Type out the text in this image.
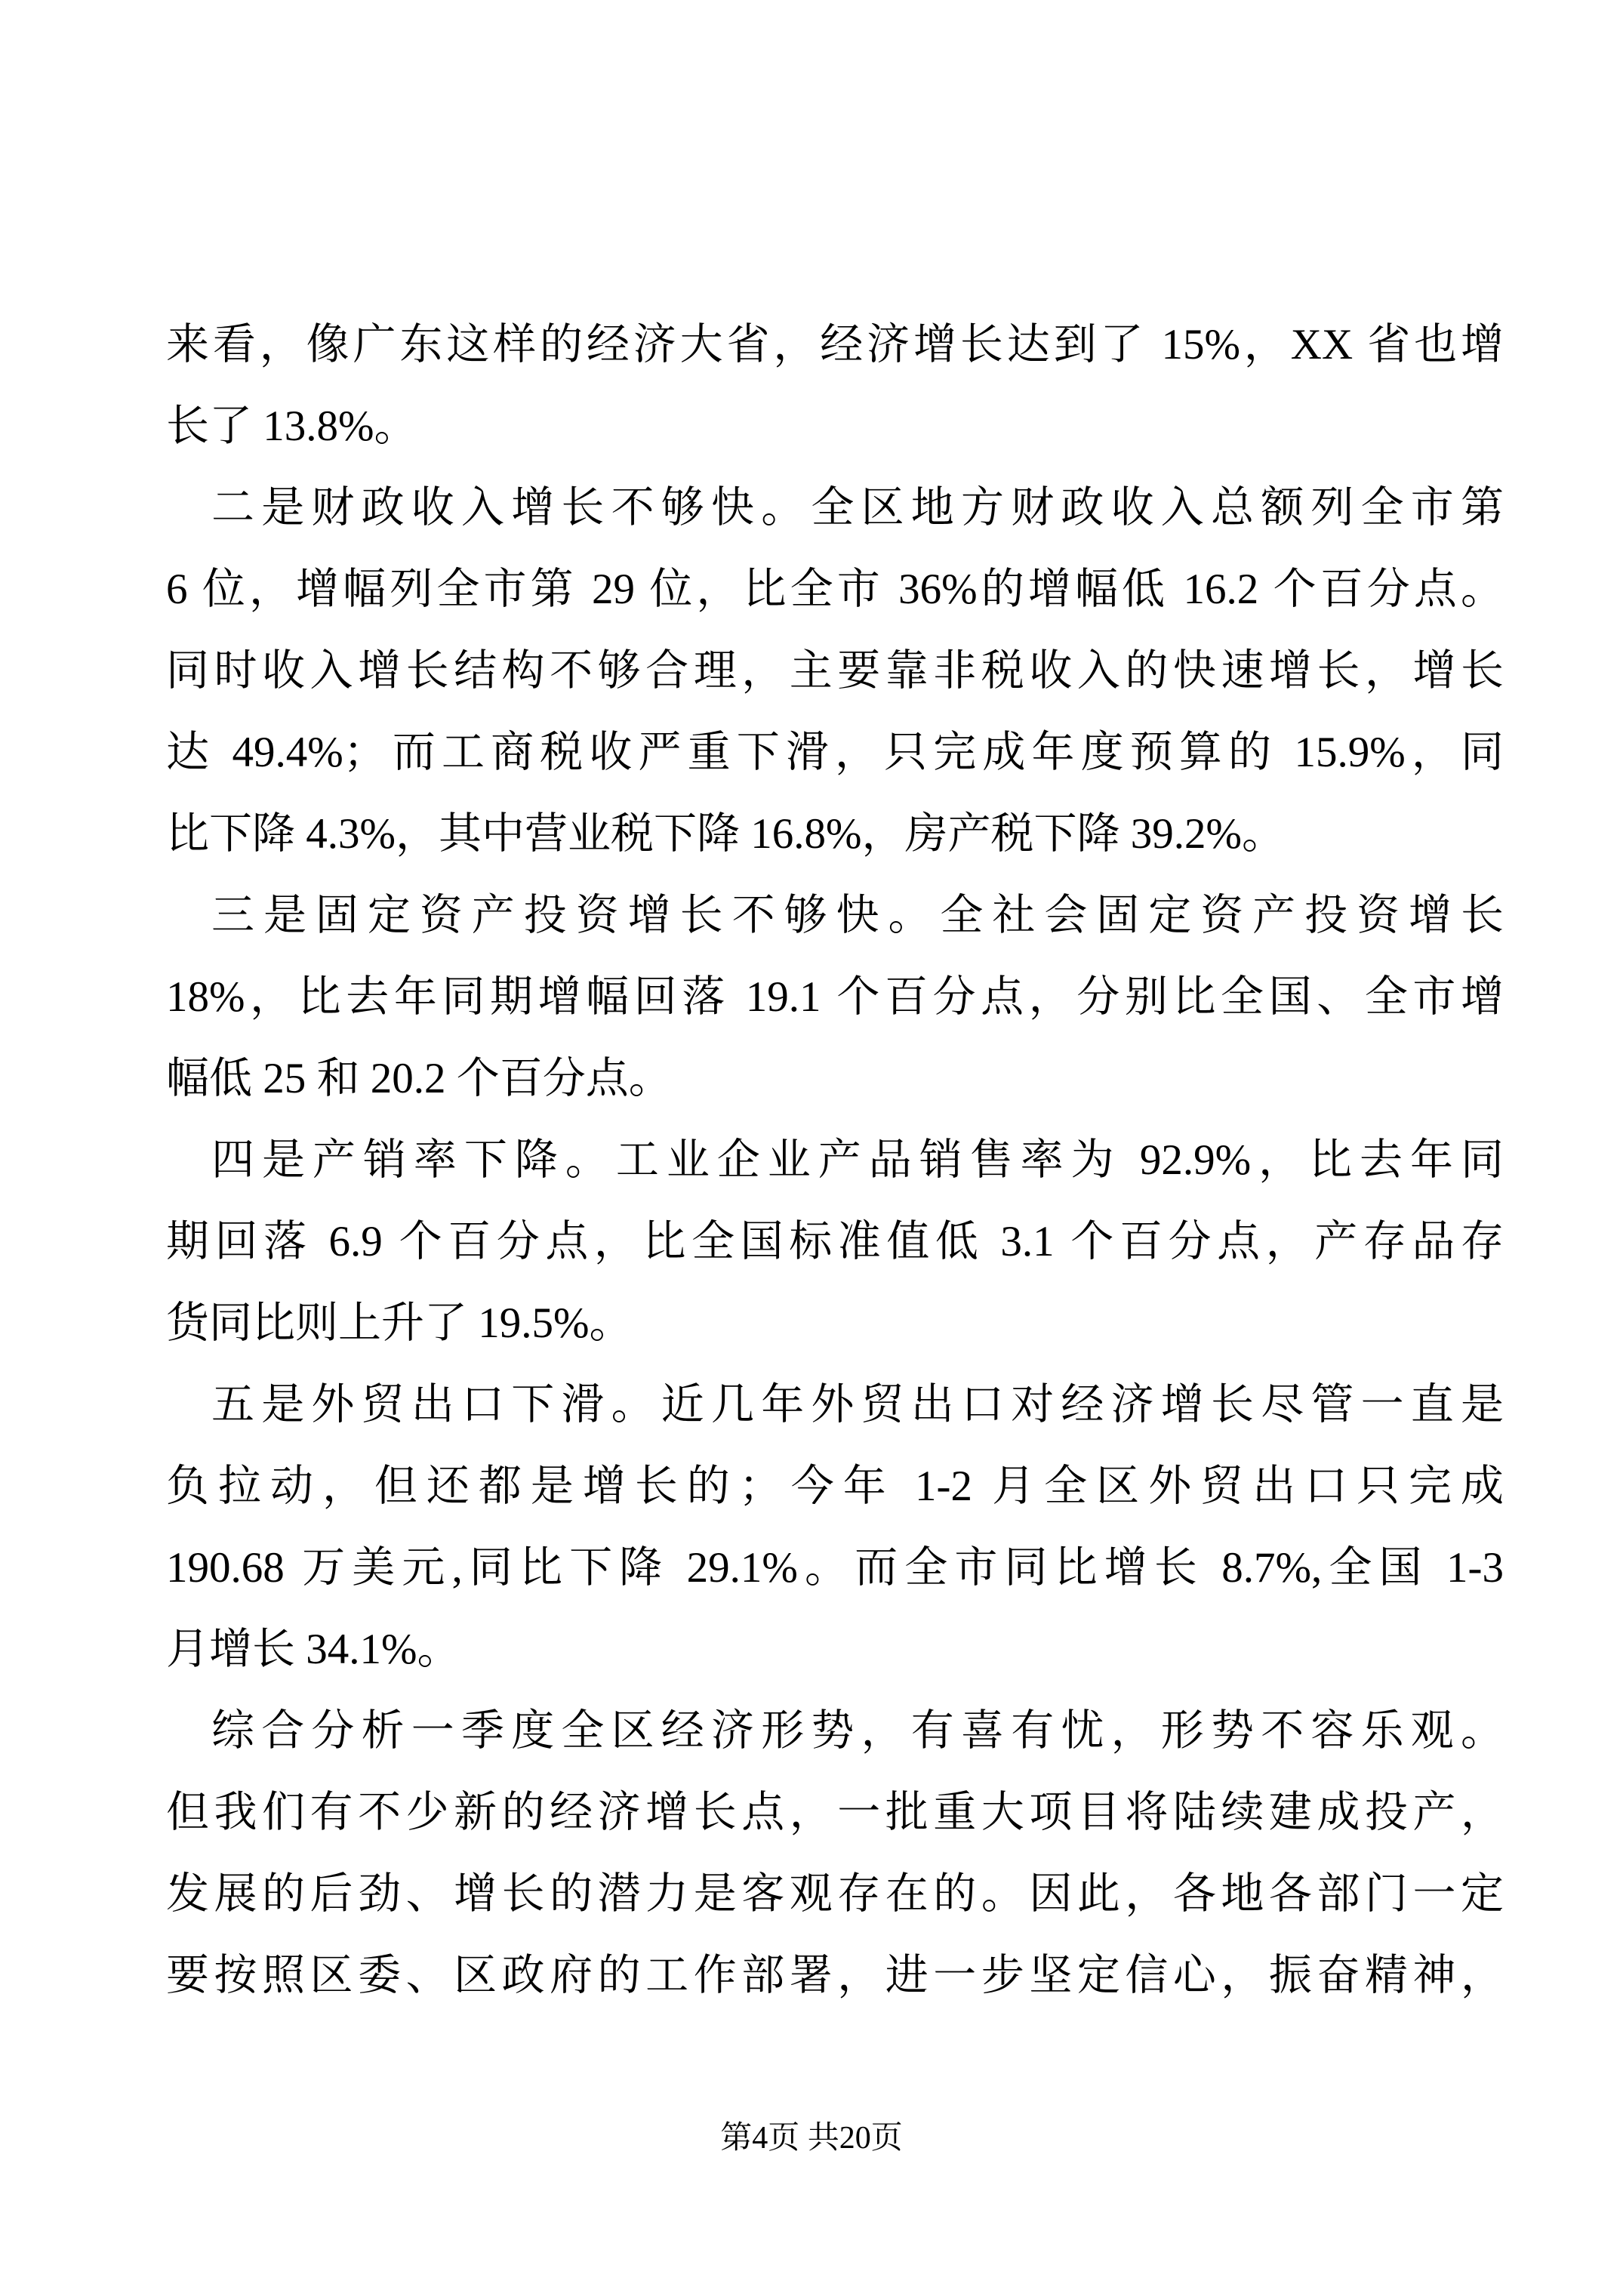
来看，像广东这样的经济大省，经济增长达到了 15%，XX 省也增
长了 13.8%。
二是财政收入增长不够快。全区地方财政收入总额列全市第
6 位，增幅列全市第 29 位，比全市 36%的增幅低 16.2 个百分点。
同时收入增长结构不够合理，主要靠非税收入的快速增长，增长
达 49.4%；而工商税收严重下滑，只完成年度预算的 15.9%，同
比下降 4.3%，其中营业税下降 16.8%，房产税下降 39.2%。
三是固定资产投资增长不够快。全社会固定资产投资增长
18%，比去年同期增幅回落 19.1 个百分点，分别比全国、全市增
幅低 25 和 20.2 个百分点。
四是产销率下降。工业企业产品销售率为 92.9%，比去年同
期回落 6.9 个百分点，比全国标准值低 3.1 个百分点，产存品存
货同比则上升了 19.5%。
五是外贸出口下滑。近几年外贸出口对经济增长尽管一直是
负拉动，但还都是增长的；今年 1-2 月全区外贸出口只完成
190.68 万美元,同比下降 29.1%。而全市同比增长 8.7%,全国 1-3
月增长 34.1%。
综合分析一季度全区经济形势，有喜有忧，形势不容乐观。
但我们有不少新的经济增长点，一批重大项目将陆续建成投产，
发展的后劲、增长的潜力是客观存在的。因此，各地各部门一定
要按照区委、区政府的工作部署，进一步坚定信心，振奋精神，
第4页 共20页
